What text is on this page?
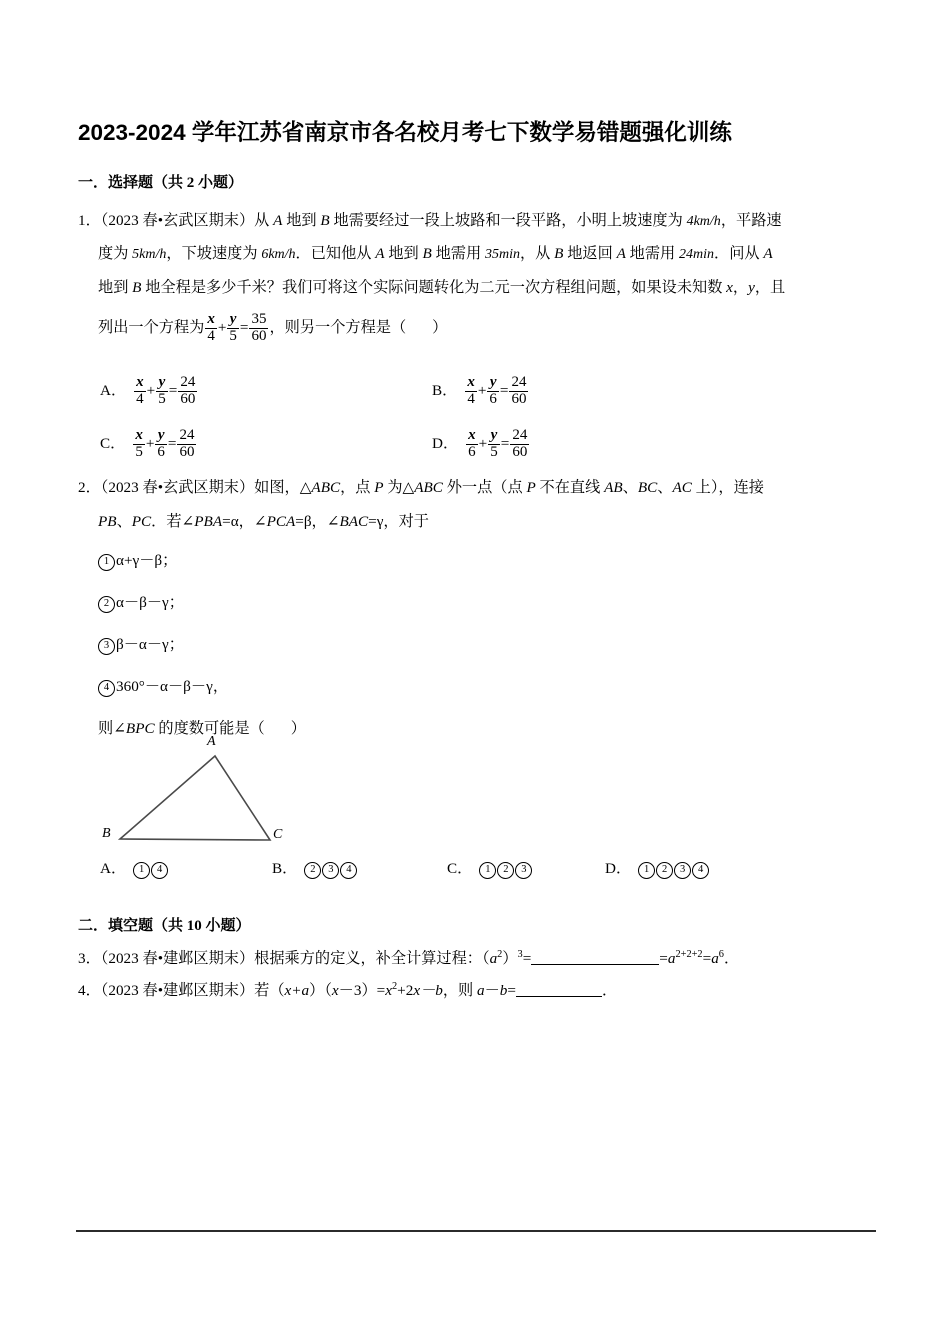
2023-2024 学年江苏省南京市各名校月考七下数学易错题强化训练
一．选择题（共 2 小题）
1．（2023 春•玄武区期末）从 A 地到 B 地需要经过一段上坡路和一段平路，小明上坡速度为 4km/h，平路速
度为 5km/h，下坡速度为 6km/h．已知他从 A 地到 B 地需用 35min，从 B 地返回 A 地需用 24min．问从 A
地到 B 地全程是多少千米？我们可将这个实际问题转化为二元一次方程组问题，如果设未知数 x，y，且
列出一个方程为 $\frac{x}{4} + \frac{y}{5} = \frac{35}{60}$ ，则另一个方程是（ ）
A． $\frac{x}{4} + \frac{y}{5} = \frac{24}{60}$	B． $\frac{x}{4} + \frac{y}{6} = \frac{24}{60}$
C． $\frac{x}{5} + \frac{y}{6} = \frac{24}{60}$	D． $\frac{x}{6} + \frac{y}{5} = \frac{24}{60}$
2．（2023 春•玄武区期末）如图，△ABC，点 P 为△ABC 外一点（点 P 不在直线 AB、BC、AC 上），连接
PB、PC．若∠PBA=α，∠PCA=β，∠BAC=γ，对于
1 α+γ－β；
2 α－β－γ；
3 β－α－γ；
4 360°－α－β－γ，
则∠BPC 的度数可能是（ ）
A
B	C
A． 1 4	B． 2 3 4	C． 1 2 3	D． 1 2 3 4
二．填空题（共 10 小题）
3．（2023 春•建邺区期末）根据乘方的定义，补全计算过程：$(a^2)^3=$	$=a^{2+2+2}=a^6$．
4．（2023 春•建邺区期末）若$(x+a)(x-3)=x^2+2x-b$，则 a－b=	．
